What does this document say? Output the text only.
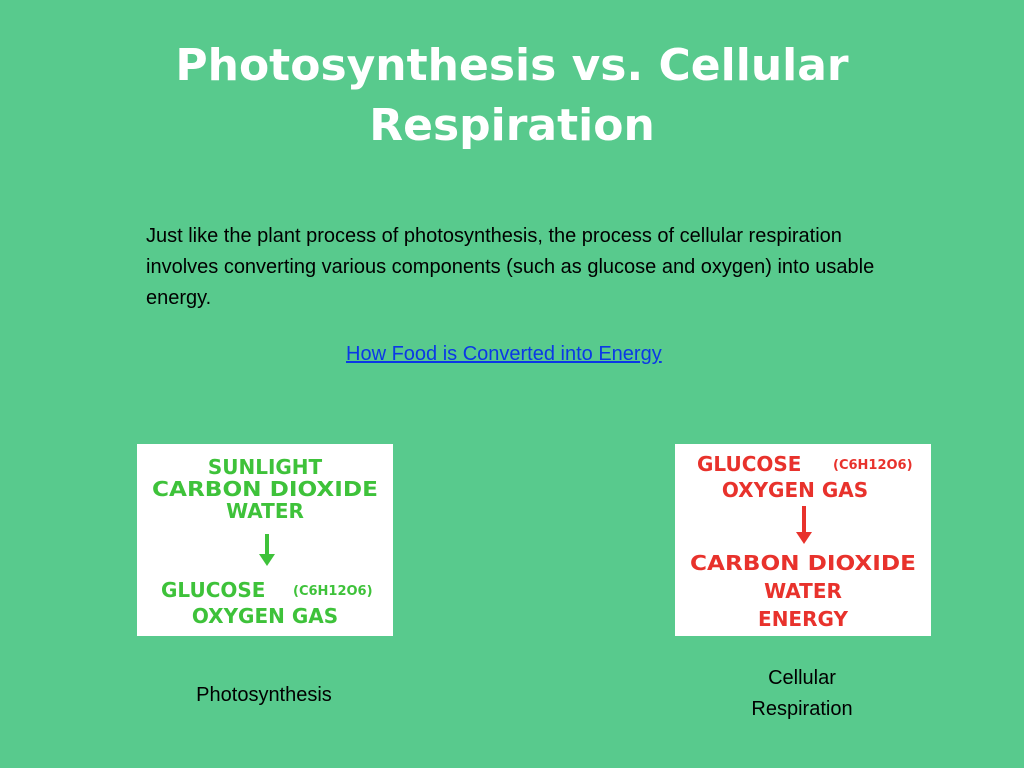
Photosynthesis vs. Cellular Respiration

Just like the plant process of photosynthesis, the process of cellular respiration involves converting various components (such as glucose and oxygen) into usable energy.

How Food is Converted into Energy
SUNLIGHT
CARBON DIOXIDE
WATER
GLUCOSE (C6H12O6)
OXYGEN GAS
GLUCOSE (C6H12O6)
OXYGEN GAS
CARBON DIOXIDE
WATER
ENERGY
Photosynthesis
Cellular
Respiration
